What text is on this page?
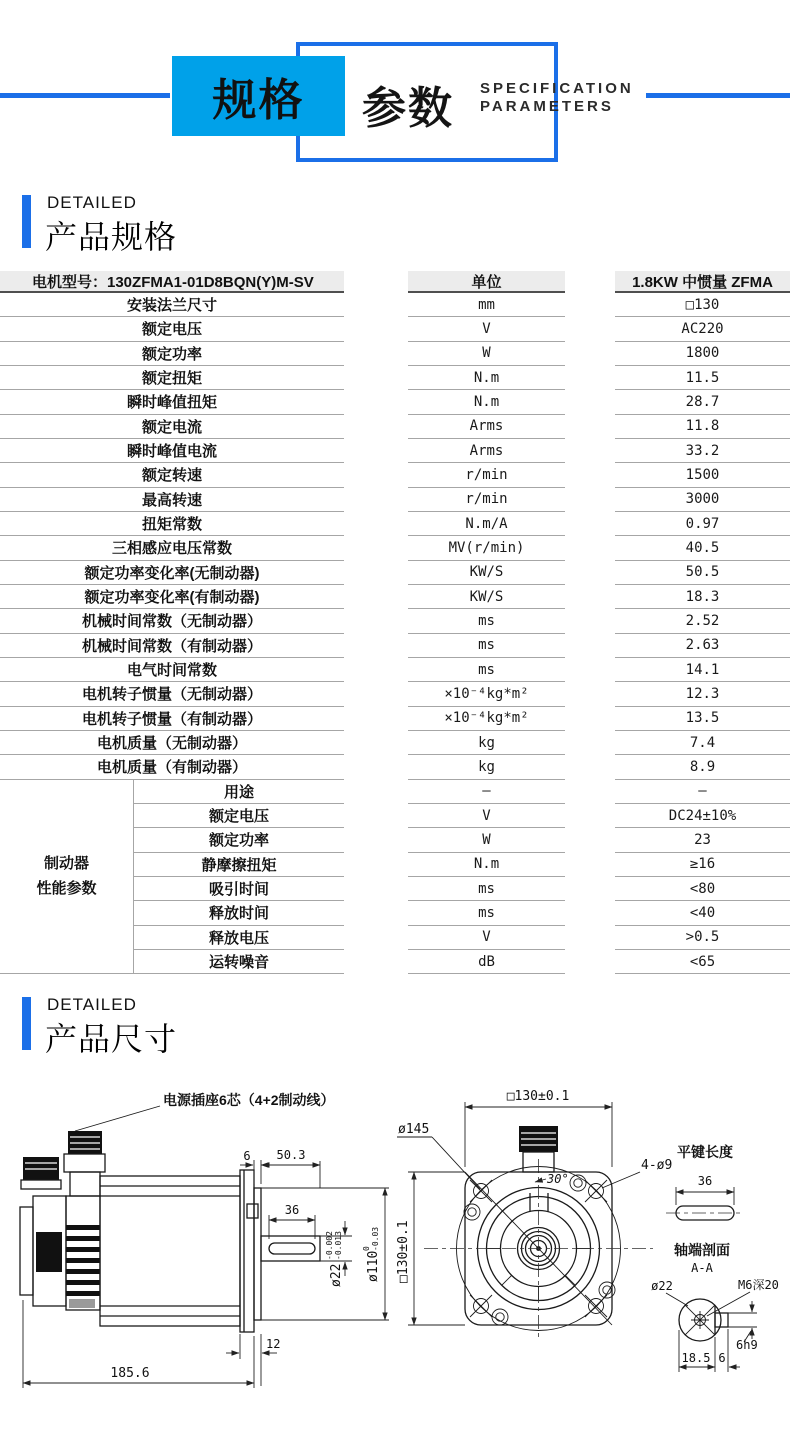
规格 参数 SPECIFICATION
PARAMETERS
DETAILED
产品规格
电机型号：130ZFMA1-01D8BQN(Y)M-SV	单位	1.8KW 中惯量 ZFMA
安装法兰尺寸	mm	□130
额定电压	V	AC220
额定功率	W	1800
额定扭矩	N.m	11.5
瞬时峰值扭矩	N.m	28.7
额定电流	Arms	11.8
瞬时峰值电流	Arms	33.2
额定转速	r/min	1500
最高转速	r/min	3000
扭矩常数	N.m/A	0.97
三相感应电压常数	MV(r/min)	40.5
额定功率变化率(无制动器)	KW/S	50.5
额定功率变化率(有制动器)	KW/S	18.3
机械时间常数（无制动器）	ms	2.52
机械时间常数（有制动器）	ms	2.63
电气时间常数	ms	14.1
电机转子惯量（无制动器）	×10⁻⁴kg*m²	12.3
电机转子惯量（有制动器）	×10⁻⁴kg*m²	13.5
电机质量（无制动器）	kg	7.4
电机质量（有制动器）	kg	8.9
制动器
性能参数
用途	—	—
额定电压	V	DC24±10%
额定功率	W	23
静摩擦扭矩	N.m	≥16
吸引时间	ms	<80
释放时间	ms	<40
释放电压	V	>0.5
运转噪音	dB	<65
DETAILED
产品尺寸
电源插座6芯（4+2制动线）
6 50.3
36
ø22
-0.002 -0.013
ø110
0 -0.03 □130±0.1
12
185.6
30°
4-ø9
ø145
□130±0.1
平键长度
36
轴端剖面
A-A
ø22	M6深20
6h9
18.5 6
